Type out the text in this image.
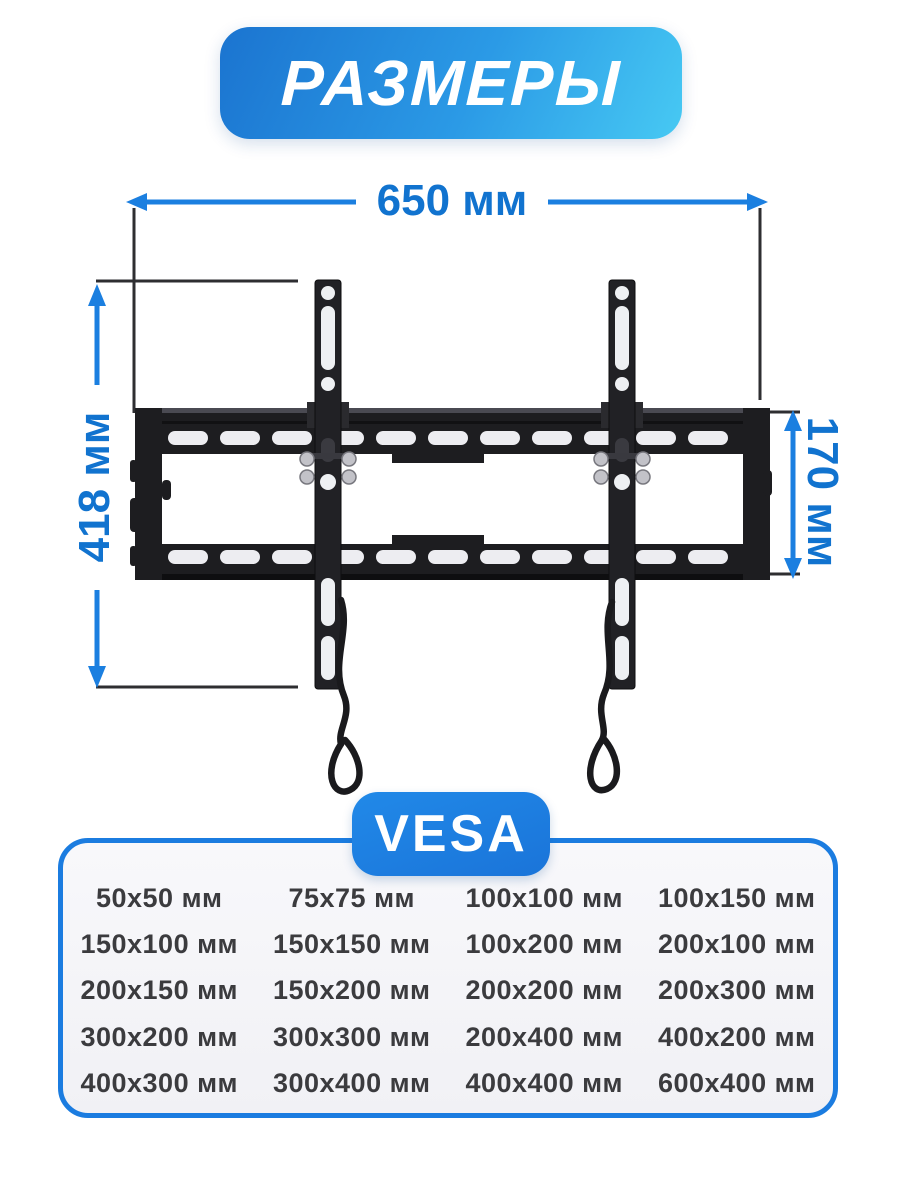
РАЗМЕРЫ
650 мм
418 мм	170 мм
VESA
50x50 мм 75x75 мм 100x100 мм 100x150 мм
150x100 мм 150x150 мм 100x200 мм 200x100 мм
200x150 мм 150x200 мм 200x200 мм 200x300 мм
300x200 мм 300x300 мм 200x400 мм 400x200 мм
400x300 мм 300x400 мм 400x400 мм 600x400 мм
